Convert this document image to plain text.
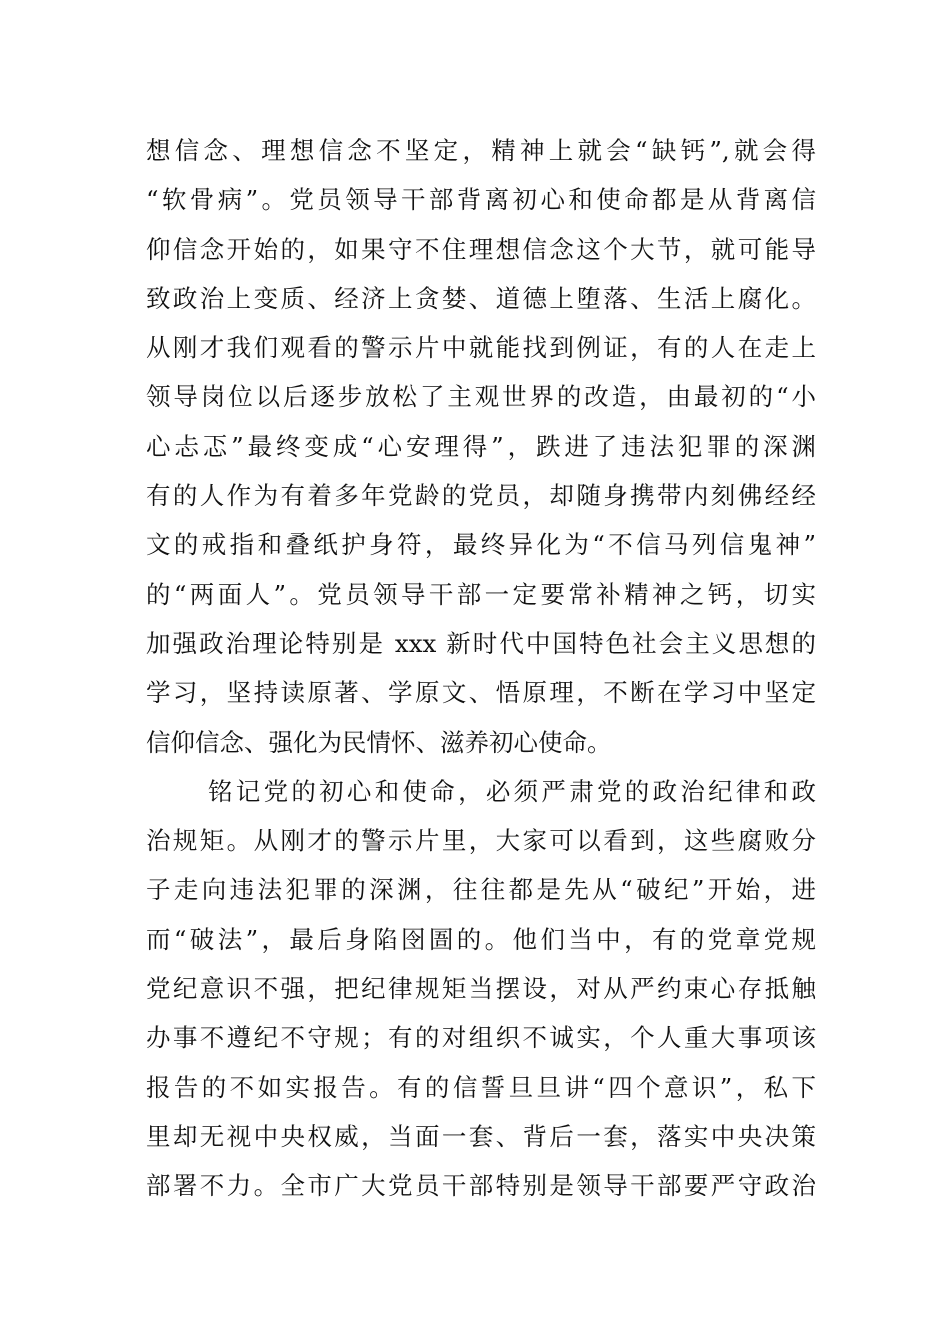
想信念、理想信念不坚定，精神上就会“缺钙”,就会得
“软骨病”。党员领导干部背离初心和使命都是从背离信
仰信念开始的，如果守不住理想信念这个大节，就可能导
致政治上变质、经济上贪婪、道德上堕落、生活上腐化。
从刚才我们观看的警示片中就能找到例证，有的人在走上
领导岗位以后逐步放松了主观世界的改造，由最初的“小
心忐忑”最终变成“心安理得”，跌进了违法犯罪的深渊
有的人作为有着多年党龄的党员，却随身携带内刻佛经经
文的戒指和叠纸护身符，最终异化为“不信马列信鬼神”
的“两面人”。党员领导干部一定要常补精神之钙，切实
加强政治理论特别是 xxx 新时代中国特色社会主义思想的
学习，坚持读原著、学原文、悟原理，不断在学习中坚定
信仰信念、强化为民情怀、滋养初心使命。
铭记党的初心和使命，必须严肃党的政治纪律和政
治规矩。从刚才的警示片里，大家可以看到，这些腐败分
子走向违法犯罪的深渊，往往都是先从“破纪”开始，进
而“破法”，最后身陷囹圄的。他们当中，有的党章党规
党纪意识不强，把纪律规矩当摆设，对从严约束心存抵触
办事不遵纪不守规；有的对组织不诚实，个人重大事项该
报告的不如实报告。有的信誓旦旦讲“四个意识”，私下
里却无视中央权威，当面一套、背后一套，落实中央决策
部署不力。全市广大党员干部特别是领导干部要严守政治
